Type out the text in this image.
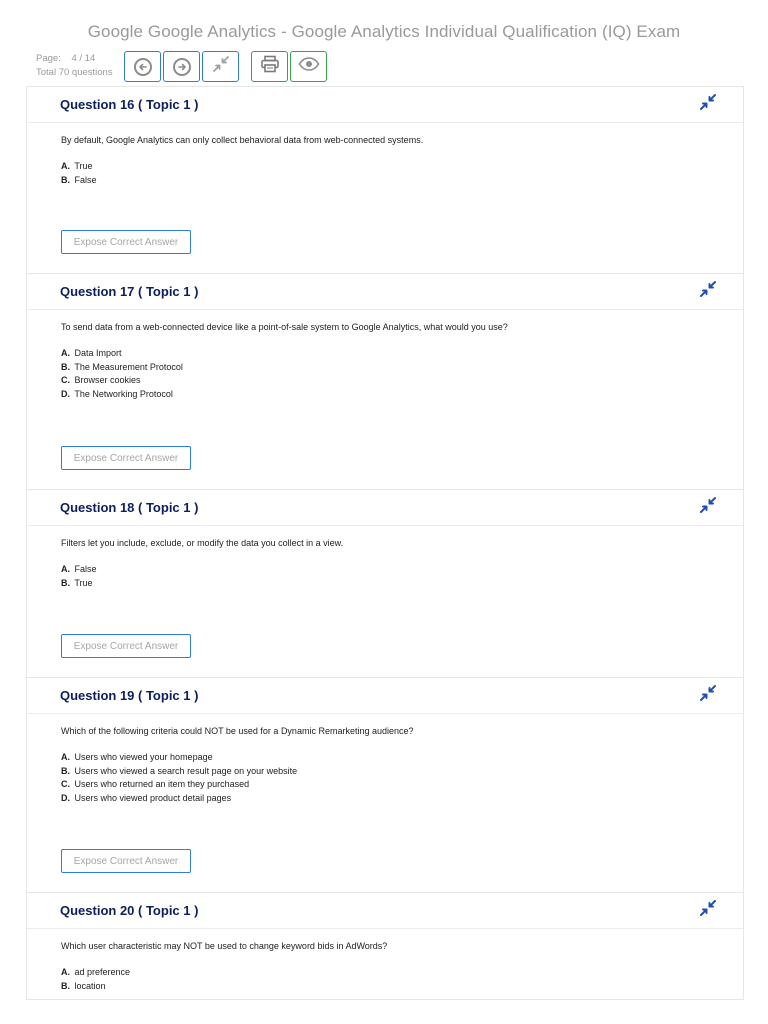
Google Google Analytics - Google Analytics Individual Qualification (IQ) Exam
Page: 4 / 14
Total 70 questions
Question 16 ( Topic 1 )
By default, Google Analytics can only collect behavioral data from web-connected systems.
A. True
B. False
Expose Correct Answer
Question 17 ( Topic 1 )
To send data from a web-connected device like a point-of-sale system to Google Analytics, what would you use?
A. Data Import
B. The Measurement Protocol
C. Browser cookies
D. The Networking Protocol
Expose Correct Answer
Question 18 ( Topic 1 )
Filters let you include, exclude, or modify the data you collect in a view.
A. False
B. True
Expose Correct Answer
Question 19 ( Topic 1 )
Which of the following criteria could NOT be used for a Dynamic Remarketing audience?
A. Users who viewed your homepage
B. Users who viewed a search result page on your website
C. Users who returned an item they purchased
D. Users who viewed product detail pages
Expose Correct Answer
Question 20 ( Topic 1 )
Which user characteristic may NOT be used to change keyword bids in AdWords?
A. ad preference
B. location
